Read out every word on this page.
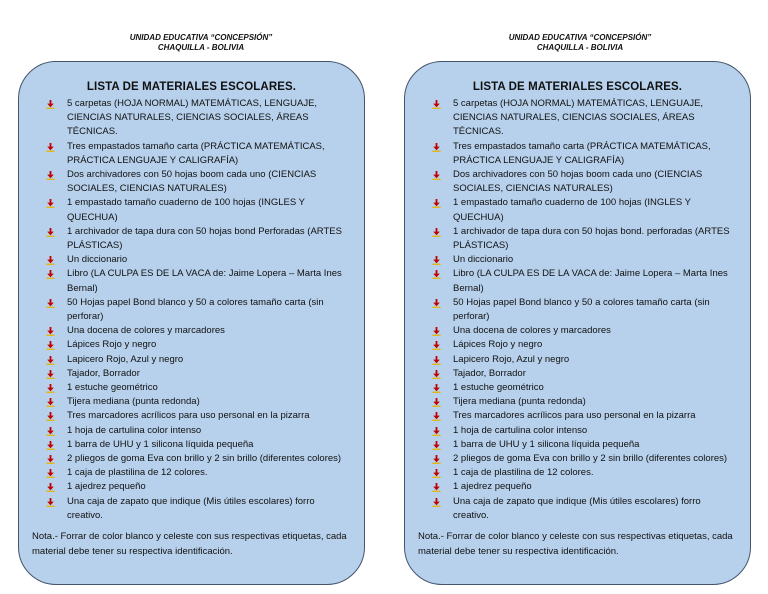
UNIDAD EDUCATIVA “CONCEPSIÓN”
CHAQUILLA - BOLIVIA
LISTA DE MATERIALES ESCOLARES.
5 carpetas (HOJA NORMAL) MATEMÁTICAS, LENGUAJE, CIENCIAS NATURALES, CIENCIAS SOCIALES, ÁREAS TÉCNICAS.
Tres empastados tamaño carta (PRÁCTICA MATEMÁTICAS, PRÁCTICA LENGUAJE Y CALIGRAFÍA)
Dos archivadores con 50 hojas boom cada uno (CIENCIAS SOCIALES, CIENCIAS NATURALES)
1 empastado tamaño cuaderno de 100 hojas (INGLES Y QUECHUA)
1 archivador de tapa dura con 50 hojas bond Perforadas (ARTES PLÁSTICAS)
Un diccionario
Libro (LA CULPA ES DE LA VACA de: Jaime Lopera – Marta Ines Bernal)
50 Hojas papel Bond blanco y 50 a colores tamaño carta (sin perforar)
Una docena de colores y marcadores
Lápices Rojo y negro
Lapicero Rojo, Azul y negro
Tajador, Borrador
1 estuche geométrico
Tijera mediana (punta redonda)
Tres marcadores acrílicos para uso personal en la pizarra
1 hoja de cartulina color intenso
1 barra de UHU y 1 silicona líquida pequeña
2 pliegos de goma Eva con brillo y 2 sin brillo (diferentes colores)
1 caja de plastilina de 12 colores.
1 ajedrez pequeño
Una caja de zapato que indique (Mis útiles escolares) forro creativo.
Nota.- Forrar de color blanco y celeste con sus respectivas etiquetas, cada material debe tener su respectiva identificación.
UNIDAD EDUCATIVA “CONCEPSIÓN”
CHAQUILLA - BOLIVIA
LISTA DE MATERIALES ESCOLARES.
5 carpetas (HOJA NORMAL) MATEMÁTICAS, LENGUAJE, CIENCIAS NATURALES, CIENCIAS SOCIALES, ÁREAS TÉCNICAS.
Tres empastados tamaño carta (PRÁCTICA MATEMÁTICAS, PRÁCTICA LENGUAJE Y CALIGRAFÍA)
Dos archivadores con 50 hojas boom cada uno (CIENCIAS SOCIALES, CIENCIAS NATURALES)
1 empastado tamaño cuaderno de 100 hojas (INGLES Y QUECHUA)
1 archivador de tapa dura con 50 hojas bond. perforadas (ARTES PLÁSTICAS)
Un diccionario
Libro (LA CULPA ES DE LA VACA de: Jaime Lopera – Marta Ines Bernal)
50 Hojas papel Bond blanco y 50 a colores tamaño carta (sin perforar)
Una docena de colores y marcadores
Lápices Rojo y negro
Lapicero Rojo, Azul y negro
Tajador, Borrador
1 estuche geométrico
Tijera mediana (punta redonda)
Tres marcadores acrílicos para uso personal en la pizarra
1 hoja de cartulina color intenso
1 barra de UHU y 1 silicona líquida pequeña
2 pliegos de goma Eva con brillo y 2 sin brillo (diferentes colores)
1 caja de plastilina de 12 colores.
1 ajedrez pequeño
Una caja de zapato que indique (Mis útiles escolares) forro creativo.
Nota.- Forrar de color blanco y celeste con sus respectivas etiquetas, cada material debe tener su respectiva identificación.
